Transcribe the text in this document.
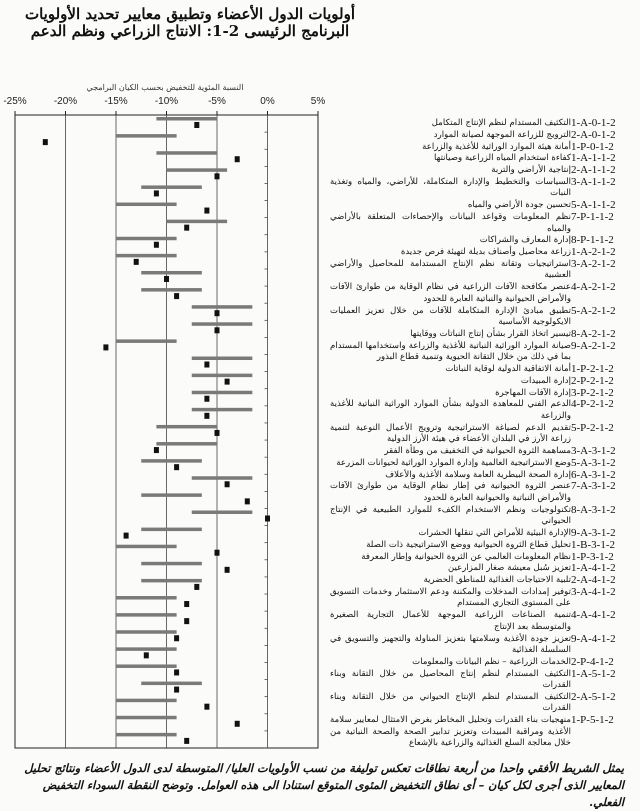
أولويات الدول الأعضاء وتطبيق معايير تحديد الأولويات
البرنامج الرئيسى 2-1: الانتاج الزراعي ونظم الدعم
النسبة المئوية للتخفيض بحسب الكيان البرامجي
-25%	-20%	-15%	-10%	-5%	0%	5%
1-A-0-1-2
التكثيف المستدام لنظم الإنتاج المتكامل
2-A-0-1-2
الترويج للزراعة الموجهة لصيانة الموارد
1-P-0-1-2
أمانة هيئة الموارد الوراثية للأغذية والزراعة
1-A-1-1-2
كفاءة استخدام المياه الزراعية وصيانتها
2-A-1-1-2
إنتاجية الأراضي والتربة
3-A-1-1-2
السياسات والتخطيط والإدارة المتكاملة، للأراضي، والمياه وتغذية النبات
5-A-1-1-2
تحسين جودة الأراضي والمياه
7-P-1-1-2
نظم المعلومات وقواعد البيانات والإحصاءات المتعلقة بالأراضي والمياه
8-P-1-1-2
إدارة المعارف والشراكات
1-A-2-1-2
زراعة محاصيل وأصناف بديلة لتهيئة فرص جديدة
3-A-2-1-2
استراتيجيات وتقانة نظم الإنتاج المستدامة للمحاصيل والأراضي العشبية
4-A-2-1-2
عنصر مكافحة الآفات الزراعية في نظام الوقاية من طوارئ الآفات والأمراض الحيوانية والنباتية العابرة للحدود
5-A-2-1-2
تطبيق مبادئ الإدارة المتكاملة للآفات من خلال تعزيز العمليات الايكولوجية الأساسية
8-A-2-1-2
تيسير اتخاذ القرار بشأن إنتاج النباتات ووقايتها
9-A-2-1-2
صيانة الموارد الوراثية النباتية للأغذية والزراعة واستخدامها المستدام بما في ذلك من خلال التقانة الحيوية وتنمية قطاع البذور
1-P-2-1-2
أمانة الاتفاقية الدولية لوقاية النباتات
2-P-2-1-2
إدارة المبيدات
3-P-2-1-2
إدارة الآفات المهاجرة
4-P-2-1-2
الدعم الفني للمعاهدة الدولية بشأن الموارد الوراثية النباتية للأغذية والزراعة
5-P-2-1-2
تقديم الدعم لصياغة الاستراتيجية وترويج الأعمال النوعية لتنمية زراعة الأرز في البلدان الأعضاء في هيئة الأرز الدولية
3-A-3-1-2
مساهمة الثروة الحيوانية في التخفيف من وطأة الفقر
5-A-3-1-2
وضع الاستراتيجية العالمية وإدارة الموارد الوراثية لحيوانات المزرعة
6-A-3-1-2
إدارة الصحة البيطرية العامة وسلامة الأغذية والأعلاف
7-A-3-1-2
عنصر الثروة الحيوانية في إطار نظام الوقاية من طوارئ الآفات والأمراض النباتية والحيوانية العابرة للحدود
8-A-3-1-2
تكنولوجيات ونظم الاستخدام الكفء للموارد الطبيعية في الإنتاج الحيواني
9-A-3-1-2
الإدارة البيئية للأمراض التي تنقلها الحشرات
1-B-3-1-2
تحليل قطاع الثروة الحيوانية ووضع الاستراتيجية ذات الصلة
1-P-3-1-2
نظام المعلومات العالمي عن الثروة الحيوانية وإطار المعرفة
1-A-4-1-2
تعزيز سُبل معيشة صغار المزارعين
2-A-4-1-2
تلبية الاحتياجات الغذائية للمناطق الحضرية
3-A-4-1-2
توفير إمدادات المدخلات والمكننة ودعم الاستثمار وخدمات التسويق على المستوى التجاري المستدام
4-A-4-1-2
تنمية الصناعات الزراعية الموجهة للأعمال التجارية الصغيرة والمتوسطة بعد الإنتاج
9-A-4-1-2
تعزيز جودة الأغذية وسلامتها بتعزيز المناولة والتجهيز والتسويق في السلسلة الغذائية
2-P-4-1-2
الخدمات الزراعية – نظم البيانات والمعلومات
1-A-5-1-2
التكثيف المستدام لنظم إنتاج المحاصيل من خلال التقانة وبناء القدرات
2-A-5-1-2
التكثيف المستدام لنظم الإنتاج الحيواني من خلال التقانة وبناء القدرات
1-P-5-1-2
منهجيات بناء القدرات وتحليل المخاطر بغرض الامتثال لمعايير سلامة الأغذية ومراقبة المبيدات وتعزيز تدابير الصحة والصحة النباتية من خلال معالجة السلع الغذائية والزراعية بالإشعاع
يمثل الشريط الأفقي واحدا من أربعة نطاقات تعكس توليفة من نسب الأولويات العليا/ المتوسطة لدى الدول الأعضاء ونتائج تحليل المعايير الذى أجرى لكل كيان – أى نطاق التخفيض المئوى المتوقع استنادا الى هذه العوامل. وتوضح النقطة السوداء التخفيض الفعلي.
